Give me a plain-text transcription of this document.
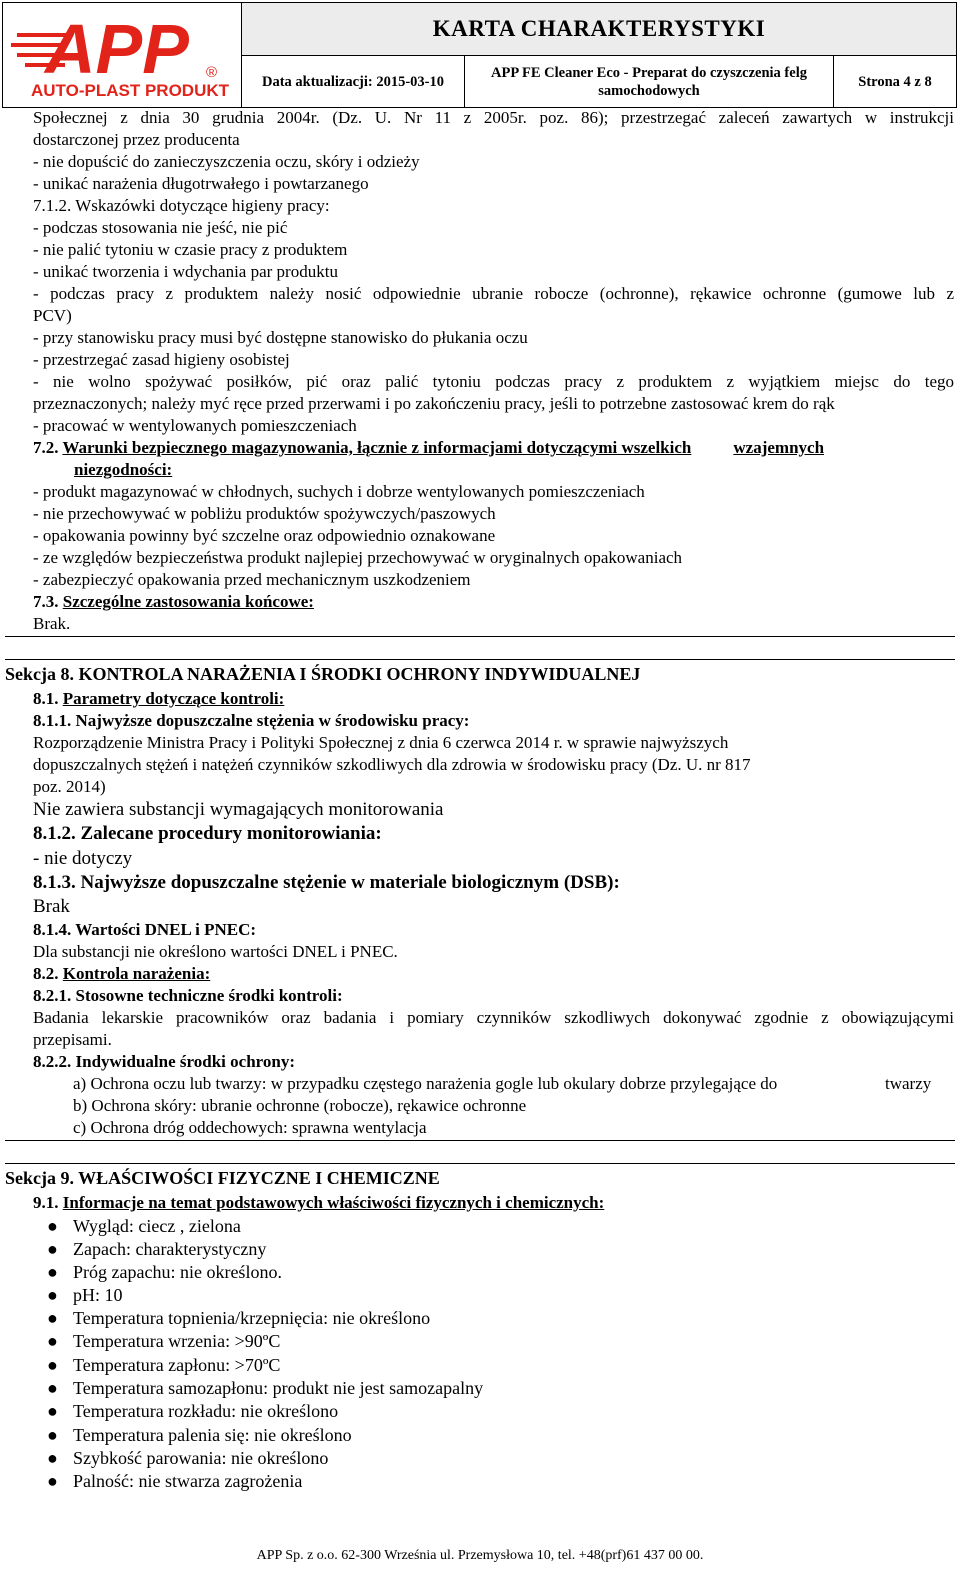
APP
AUTO-PLAST PRODUKT
®
KARTA CHARAKTERYSTYKI
Data aktualizacji: 2015-03-10
APP FE Cleaner Eco - Preparat do czyszczenia felg samochodowych
Strona 4 z 8
Społecznej z dnia 30 grudnia 2004r. (Dz. U. Nr 11 z 2005r. poz. 86); przestrzegać zaleceń zawartych w instrukcji
dostarczonej przez producenta
- nie dopuścić do zanieczyszczenia oczu, skóry i odzieży
- unikać narażenia długotrwałego i powtarzanego
7.1.2. Wskazówki dotyczące higieny pracy:
- podczas stosowania nie jeść, nie pić
- nie palić tytoniu w czasie pracy z produktem
- unikać tworzenia i wdychania par produktu
- podczas pracy z produktem należy nosić odpowiednie ubranie robocze (ochronne), rękawice ochronne (gumowe lub z
PCV)
- przy stanowisku pracy musi być dostępne stanowisko do płukania oczu
- przestrzegać zasad higieny osobistej
- nie wolno spożywać posiłków, pić oraz palić tytoniu podczas pracy z produktem z wyjątkiem miejsc do tego
przeznaczonych; należy myć ręce przed przerwami i po zakończeniu pracy, jeśli to potrzebne zastosować krem do rąk
- pracować w wentylowanych pomieszczeniach
7.2. Warunki bezpiecznego magazynowania, łącznie z informacjami dotyczącymi wszelkich wzajemnych
niezgodności:
- produkt magazynować w chłodnych, suchych i dobrze wentylowanych pomieszczeniach
- nie przechowywać w pobliżu produktów spożywczych/paszowych
- opakowania powinny być szczelne oraz odpowiednio oznakowane
- ze względów bezpieczeństwa produkt najlepiej przechowywać w oryginalnych opakowaniach
- zabezpieczyć opakowania przed mechanicznym uszkodzeniem
7.3. Szczególne zastosowania końcowe:
Brak.
Sekcja 8. KONTROLA NARAŻENIA I ŚRODKI OCHRONY INDYWIDUALNEJ
8.1. Parametry dotyczące kontroli:
8.1.1. Najwyższe dopuszczalne stężenia w środowisku pracy:
Rozporządzenie Ministra Pracy i Polityki Społecznej z dnia 6 czerwca 2014 r. w sprawie najwyższych
dopuszczalnych stężeń i natężeń czynników szkodliwych dla zdrowia w środowisku pracy (Dz. U. nr 817
poz. 2014)
Nie zawiera substancji wymagających monitorowania
8.1.2. Zalecane procedury monitorowiania:
- nie dotyczy
8.1.3. Najwyższe dopuszczalne stężenie w materiale biologicznym (DSB):
Brak
8.1.4. Wartości DNEL i PNEC:
Dla substancji nie określono wartości DNEL i PNEC.
8.2. Kontrola narażenia:
8.2.1. Stosowne techniczne środki kontroli:
Badania lekarskie pracowników oraz badania i pomiary czynników szkodliwych dokonywać zgodnie z obowiązującymi
przepisami.
8.2.2. Indywidualne środki ochrony:
a) Ochrona oczu lub twarzy: w przypadku częstego narażenia gogle lub okulary dobrze przylegające do	twarzy
b) Ochrona skóry: ubranie ochronne (robocze), rękawice ochronne
c) Ochrona dróg oddechowych: sprawna wentylacja
Sekcja 9. WŁAŚCIWOŚCI FIZYCZNE I CHEMICZNE
9.1. Informacje na temat podstawowych właściwości fizycznych i chemicznych:
● Wygląd: ciecz , zielona
● Zapach: charakterystyczny
● Próg zapachu: nie określono.
● pH: 10
● Temperatura topnienia/krzepnięcia: nie określono
● Temperatura wrzenia: >90ºC
● Temperatura zapłonu: >70ºC
● Temperatura samozapłonu: produkt nie jest samozapalny
● Temperatura rozkładu: nie określono
● Temperatura palenia się: nie określono
● Szybkość parowania: nie określono
● Palność: nie stwarza zagrożenia
APP Sp. z o.o. 62-300 Września ul. Przemysłowa 10, tel. +48(prf)61 437 00 00.
